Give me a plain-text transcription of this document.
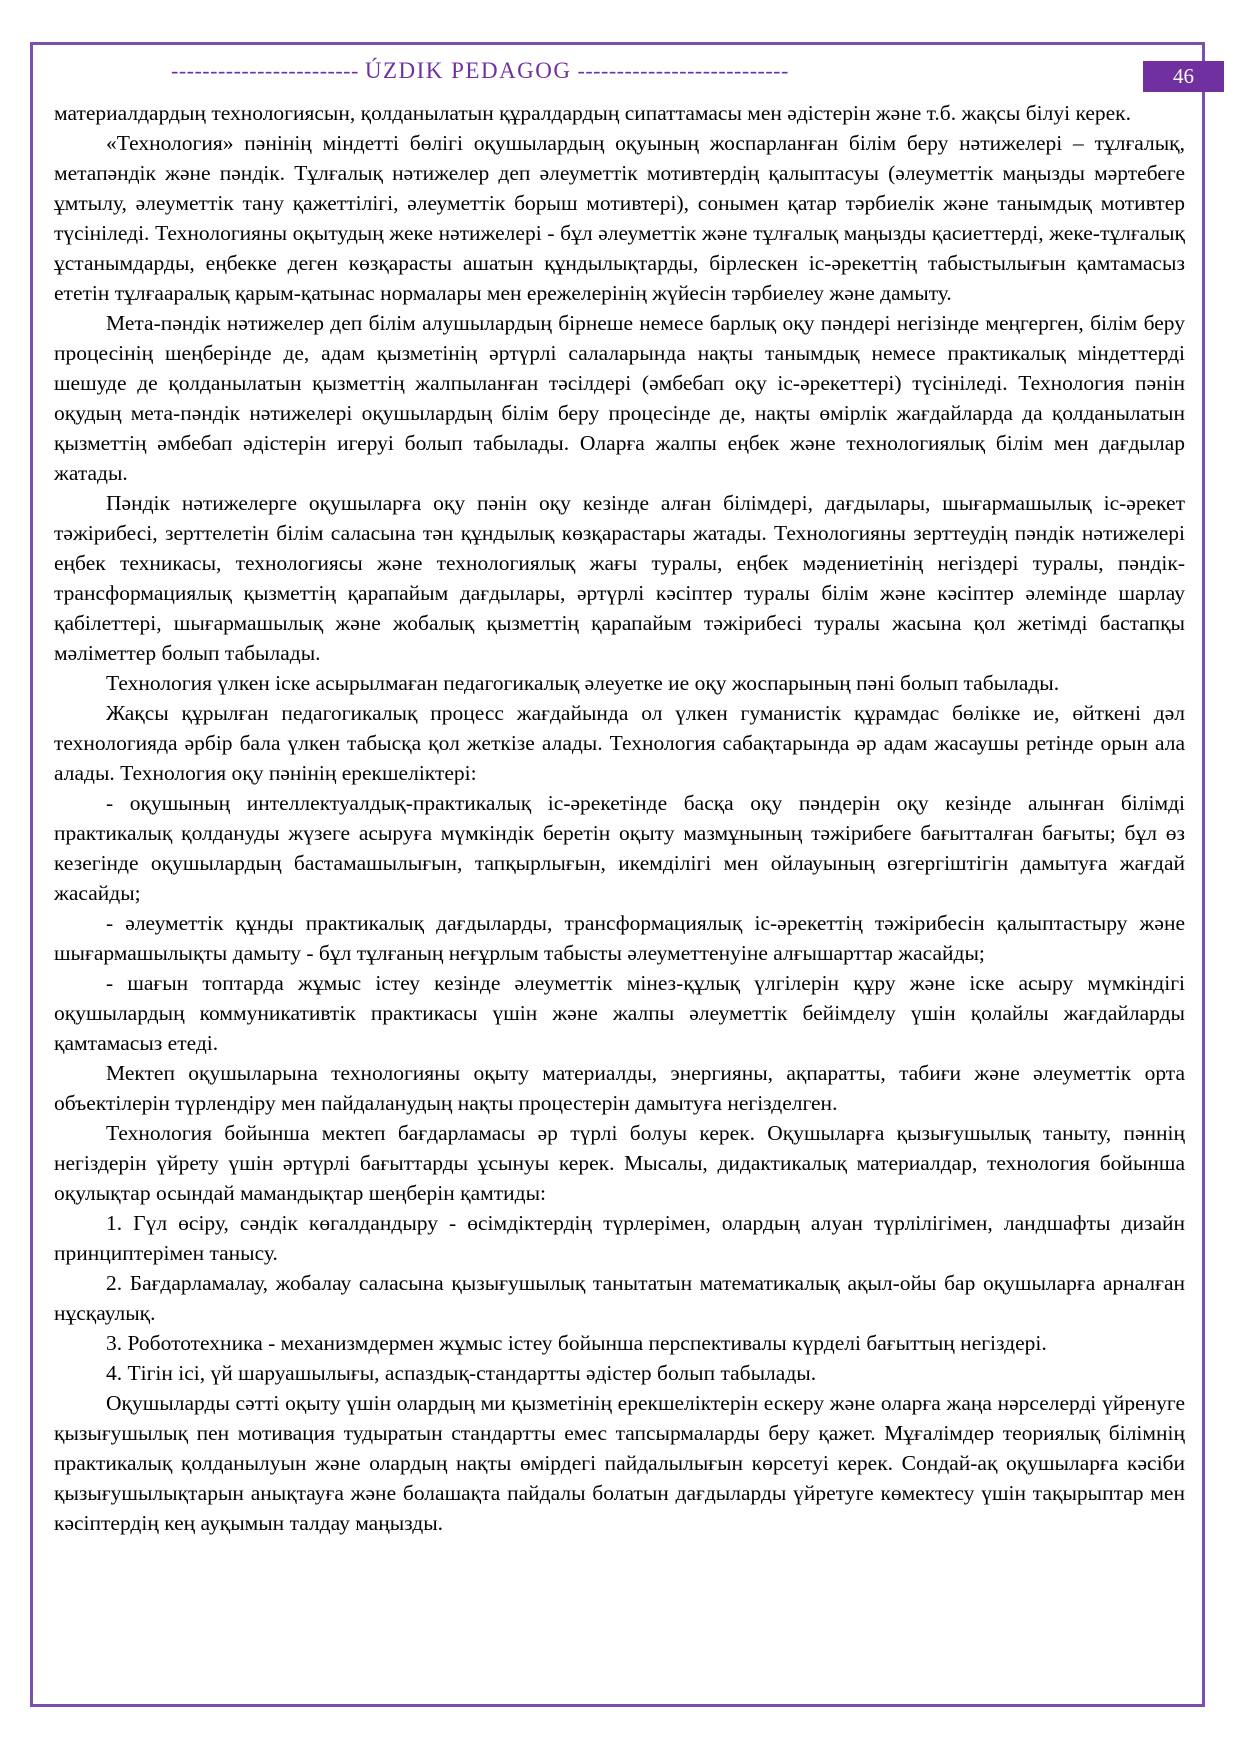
------------------------ ÚZDIK PEDAGOG ---------------------------

материалдардың технологиясын, қолданылатын құралдардың сипаттамасы мен әдістерін және т.б. жақсы білуі керек.

«Технология» пәнінің міндетті бөлігі оқушылардың оқуының жоспарланған білім беру нәтижелері – тұлғалық, метапәндік және пәндік. Тұлғалық нәтижелер деп әлеуметтік мотивтердің қалыптасуы (әлеуметтік маңызды мәртебеге ұмтылу, әлеуметтік тану қажеттілігі, әлеуметтік борыш мотивтері), сонымен қатар тәрбиелік және танымдық мотивтер түсініледі. Технологияны оқытудың жеке нәтижелері - бұл әлеуметтік және тұлғалық маңызды қасиеттерді, жеке-тұлғалық ұстанымдарды, еңбекке деген көзқарасты ашатын құндылықтарды, бірлескен іс-әрекеттің табыстылығын қамтамасыз ететін тұлғааралық қарым-қатынас нормалары мен ережелерінің жүйесін тәрбиелеу және дамыту.

Мета-пәндік нәтижелер деп білім алушылардың бірнеше немесе барлық оқу пәндері негізінде меңгерген, білім беру процесінің шеңберінде де, адам қызметінің әртүрлі салаларында нақты танымдық немесе практикалық міндеттерді шешуде де қолданылатын қызметтің жалпыланған тәсілдері (әмбебап оқу іс-әрекеттері) түсініледі. Технология пәнін оқудың мета-пәндік нәтижелері оқушылардың білім беру процесінде де, нақты өмірлік жағдайларда да қолданылатын қызметтің әмбебап әдістерін игеруі болып табылады. Оларға жалпы еңбек және технологиялық білім мен дағдылар жатады.

Пәндік нәтижелерге оқушыларға оқу пәнін оқу кезінде алған білімдері, дағдылары, шығармашылық іс-әрекет тәжірибесі, зерттелетін білім саласына тән құндылық көзқарастары жатады. Технологияны зерттеудің пәндік нәтижелері еңбек техникасы, технологиясы және технологиялық жағы туралы, еңбек мәдениетінің негіздері туралы, пәндік-трансформациялық қызметтің қарапайым дағдылары, әртүрлі кәсіптер туралы білім және кәсіптер әлемінде шарлау қабілеттері, шығармашылық және жобалық қызметтің қарапайым тәжірибесі туралы жасына қол жетімді бастапқы мәліметтер болып табылады.

Технология үлкен іске асырылмаған педагогикалық әлеуетке ие оқу жоспарының пәні болып табылады.

Жақсы құрылған педагогикалық процесс жағдайында ол үлкен гуманистік құрамдас бөлікке ие, өйткені дәл технологияда әрбір бала үлкен табысқа қол жеткізе алады. Технология сабақтарында әр адам жасаушы ретінде орын ала алады. Технология оқу пәнінің ерекшеліктері:

- оқушының интеллектуалдық-практикалық іс-әрекетінде басқа оқу пәндерін оқу кезінде алынған білімді практикалық қолдануды жүзеге асыруға мүмкіндік беретін оқыту мазмұнының тәжірибеге бағытталған бағыты; бұл өз кезегінде оқушылардың бастамашылығын, тапқырлығын, икемділігі мен ойлауының өзгергіштігін дамытуға жағдай жасайды;

- әлеуметтік құнды практикалық дағдыларды, трансформациялық іс-әрекеттің тәжірибесін қалыптастыру және шығармашылықты дамыту - бұл тұлғаның неғұрлым табысты әлеуметтенуіне алғышарттар жасайды;

- шағын топтарда жұмыс істеу кезінде әлеуметтік мінез-құлық үлгілерін құру және іске асыру мүмкіндігі оқушылардың коммуникативтік практикасы үшін және жалпы әлеуметтік бейімделу үшін қолайлы жағдайларды қамтамасыз етеді.

Мектеп оқушыларына технологияны оқыту материалды, энергияны, ақпаратты, табиғи және әлеуметтік орта объектілерін түрлендіру мен пайдаланудың нақты процестерін дамытуға негізделген.

Технология бойынша мектеп бағдарламасы әр түрлі болуы керек. Оқушыларға қызығушылық таныту, пәннің негіздерін үйрету үшін әртүрлі бағыттарды ұсынуы керек. Мысалы, дидактикалық материалдар, технология бойынша оқулықтар осындай мамандықтар шеңберін қамтиды:

1. Гүл өсіру, сәндік көгалдандыру - өсімдіктердің түрлерімен, олардың алуан түрлілігімен, ландшафты дизайн принциптерімен танысу.

2. Бағдарламалау, жобалау саласына қызығушылық танытатын математикалық ақыл-ойы бар оқушыларға арналған нұсқаулық.

3. Робототехника - механизмдермен жұмыс істеу бойынша перспективалы күрделі бағыттың негіздері.

4. Тігін ісі, үй шаруашылығы, аспаздық-стандартты әдістер болып табылады.

Оқушыларды сәтті оқыту үшін олардың ми қызметінің ерекшеліктерін ескеру және оларға жаңа нәрселерді үйренуге қызығушылық пен мотивация тудыратын стандартты емес тапсырмаларды беру қажет. Мұғалімдер теориялық білімнің практикалық қолданылуын және олардың нақты өмірдегі пайдалылығын көрсетуі керек. Сондай-ақ оқушыларға кәсіби қызығушылықтарын анықтауға және болашақта пайдалы болатын дағдыларды үйретуге көмектесу үшін тақырыптар мен кәсіптердің кең ауқымын талдау маңызды.

46
